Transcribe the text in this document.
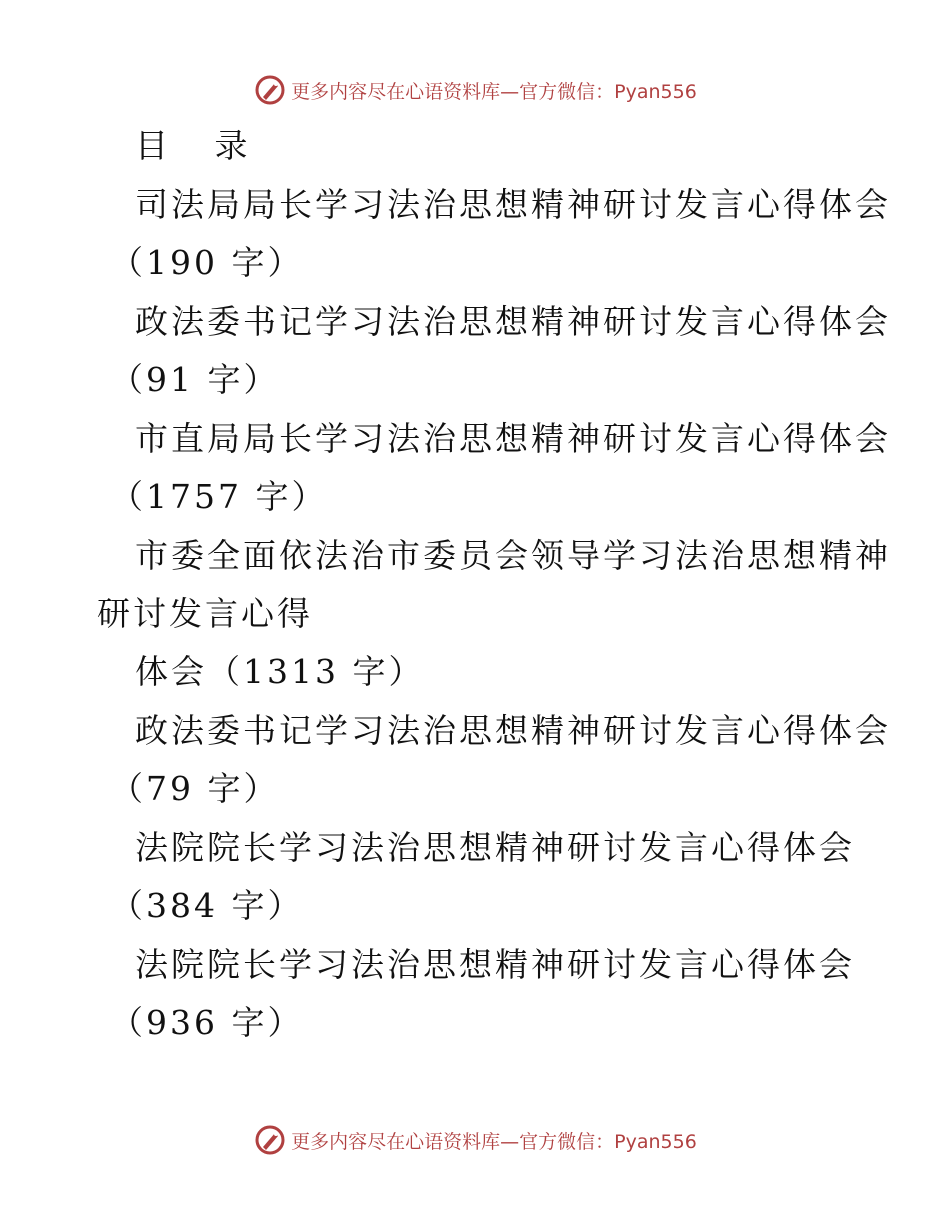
更多内容尽在心语资料库—官方微信：Pyan556
目 录
司法局局长学习法治思想精神研讨发言心得体会
（190 字）
政法委书记学习法治思想精神研讨发言心得体会
（91 字）
市直局局长学习法治思想精神研讨发言心得体会
（1757 字）
市委全面依法治市委员会领导学习法治思想精神
研讨发言心得
体会（1313 字）
政法委书记学习法治思想精神研讨发言心得体会
（79 字）
法院院长学习法治思想精神研讨发言心得体会
（384 字）
法院院长学习法治思想精神研讨发言心得体会
（936 字）
更多内容尽在心语资料库—官方微信：Pyan556
